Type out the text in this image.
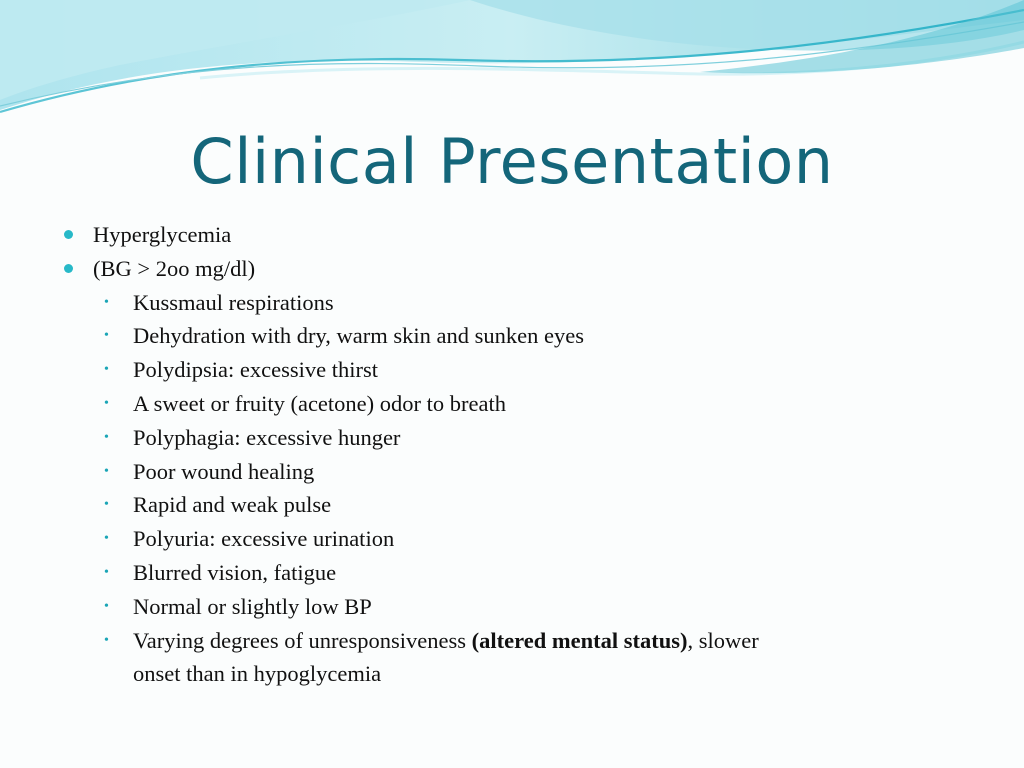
Clinical Presentation
Hyperglycemia
(BG > 2oo mg/dl)
• Kussmaul respirations
• Dehydration with dry, warm skin and sunken eyes
• Polydipsia: excessive thirst
• A sweet or fruity (acetone) odor to breath
• Polyphagia: excessive hunger
• Poor wound healing
• Rapid and weak pulse
• Polyuria: excessive urination
• Blurred vision, fatigue
• Normal or slightly low BP
• Varying degrees of unresponsiveness (altered mental status), slower
onset than in hypoglycemia
